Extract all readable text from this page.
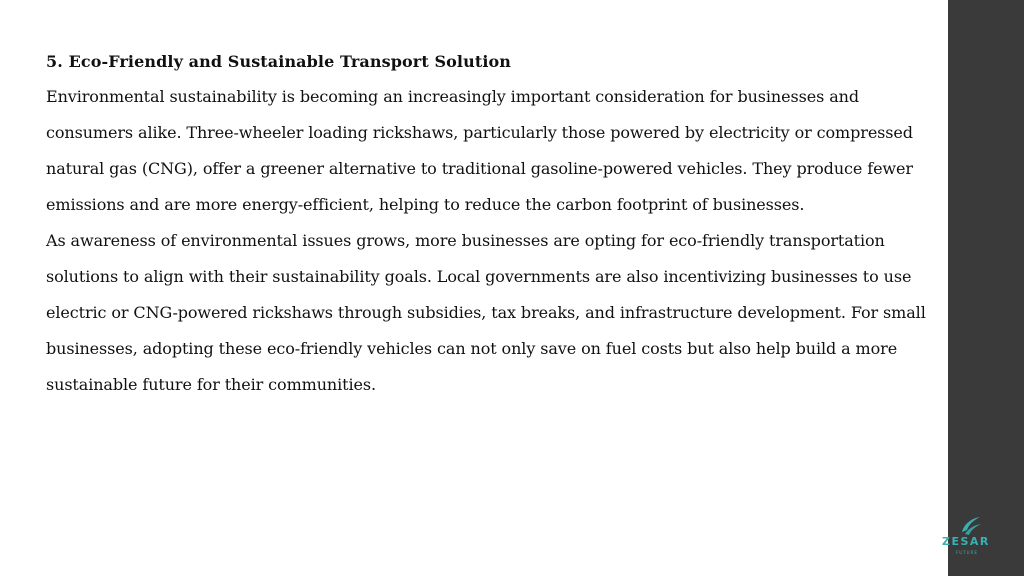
5. Eco-Friendly and Sustainable Transport Solution

Environmental sustainability is becoming an increasingly important consideration for businesses and consumers alike. Three-wheeler loading rickshaws, particularly those powered by electricity or compressed natural gas (CNG), offer a greener alternative to traditional gasoline-powered vehicles. They produce fewer emissions and are more energy-efficient, helping to reduce the carbon footprint of businesses.

As awareness of environmental issues grows, more businesses are opting for eco-friendly transportation solutions to align with their sustainability goals. Local governments are also incentivizing businesses to use electric or CNG-powered rickshaws through subsidies, tax breaks, and infrastructure development. For small businesses, adopting these eco-friendly vehicles can not only save on fuel costs but also help build a more sustainable future for their communities.

ZESAR
FUTURE
